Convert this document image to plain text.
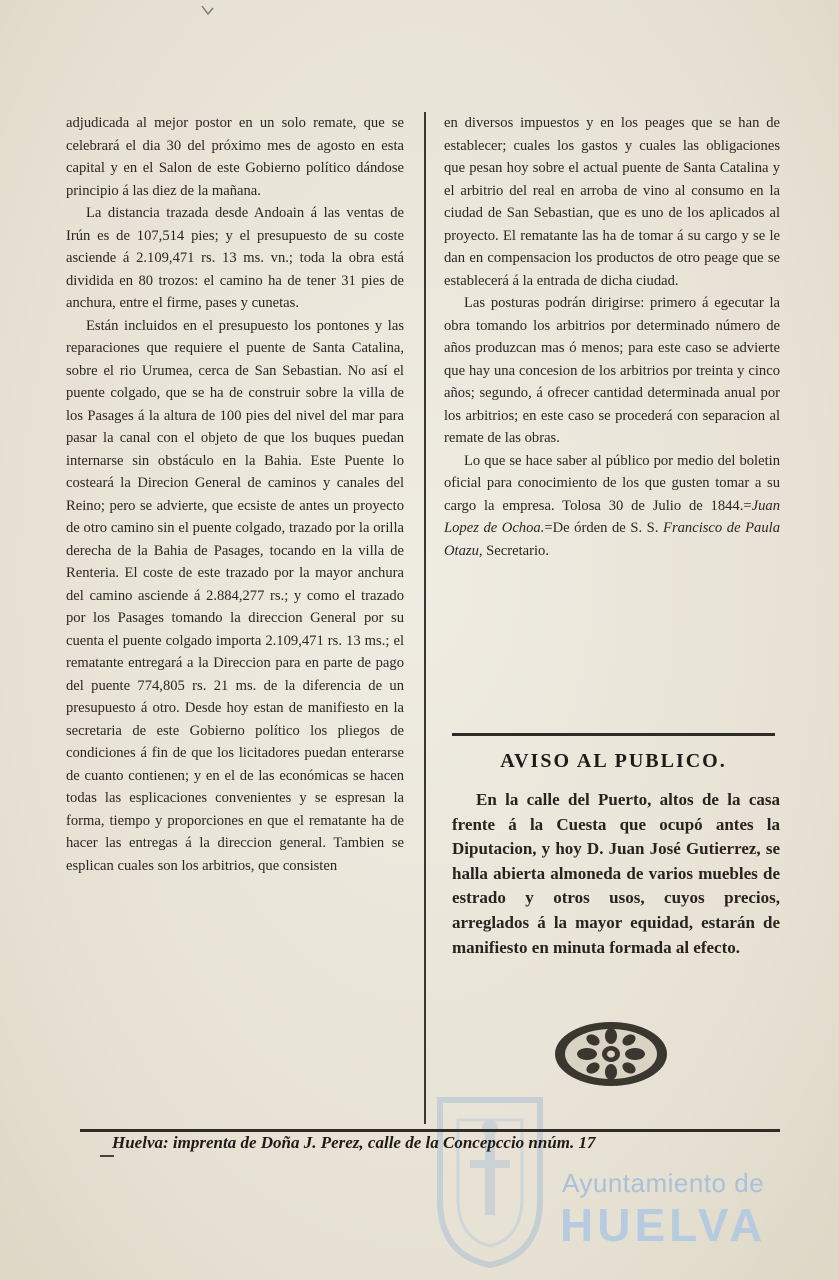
adjudicada al mejor postor en un solo remate, que se celebrará el dia 30 del próximo mes de agosto en esta capital y en el Salon de este Gobierno político dándose principio á las diez de la mañana.

La distancia trazada desde Andoain á las ventas de Irún es de 107,514 pies; y el presupuesto de su coste asciende á 2.109,471 rs. 13 ms. vn.; toda la obra está dividida en 80 trozos: el camino ha de tener 31 pies de anchura, entre el firme, pases y cunetas.

Están incluidos en el presupuesto los pontones y las reparaciones que requiere el puente de Santa Catalina, sobre el rio Urumea, cerca de San Sebastian. No así el puente colgado, que se ha de construir sobre la villa de los Pasages á la altura de 100 pies del nivel del mar para pasar la canal con el objeto de que los buques puedan internarse sin obstáculo en la Bahia. Este Puente lo costeará la Direcion General de caminos y canales del Reino; pero se advierte, que ecsiste de antes un proyecto de otro camino sin el puente colgado, trazado por la orilla derecha de la Bahia de Pasages, tocando en la villa de Renteria. El coste de este trazado por la mayor anchura del camino asciende á 2.884,277 rs.; y como el trazado por los Pasages tomando la direccion General por su cuenta el puente colgado importa 2.109,471 rs. 13 ms.; el rematante entregará a la Direccion para en parte de pago del puente 774,805 rs. 21 ms. de la diferencia de un presupuesto á otro. Desde hoy estan de manifiesto en la secretaria de este Gobierno político los pliegos de condiciones á fin de que los licitadores puedan enterarse de cuanto contienen; y en el de las económicas se hacen todas las esplicaciones convenientes y se espresan la forma, tiempo y proporciones en que el rematante ha de hacer las entregas á la direccion general. Tambien se esplican cuales son los arbitrios, que consisten

en diversos impuestos y en los peages que se han de establecer; cuales los gastos y cuales las obligaciones que pesan hoy sobre el actual puente de Santa Catalina y el arbitrio del real en arroba de vino al consumo en la ciudad de San Sebastian, que es uno de los aplicados al proyecto. El rematante las ha de tomar á su cargo y se le dan en compensacion los productos de otro peage que se establecerá á la entrada de dicha ciudad.

Las posturas podrán dirigirse: primero á egecutar la obra tomando los arbitrios por determinado número de años produzcan mas ó menos; para este caso se advierte que hay una concesion de los arbitrios por treinta y cinco años; segundo, á ofrecer cantidad determinada anual por los arbitrios; en este caso se procederá con separacion al remate de las obras.

Lo que se hace saber al público por medio del boletin oficial para conocimiento de los que gusten tomar a su cargo la empresa. Tolosa 30 de Julio de 1844.=Juan Lopez de Ochoa.=De órden de S. S. Francisco de Paula Otazu, Secretario.

AVISO AL PUBLICO.

En la calle del Puerto, altos de la casa frente á la Cuesta que ocupó antes la Diputacion, y hoy D. Juan José Gutierrez, se halla abierta almoneda de varios muebles de estrado y otros usos, cuyos precios, arreglados á la mayor equidad, estarán de manifiesto en minuta formada al efecto.

Ayuntamiento de
HUELVA
Huelva: imprenta de Doña J. Perez, calle de la Concepccio nnúm. 17
